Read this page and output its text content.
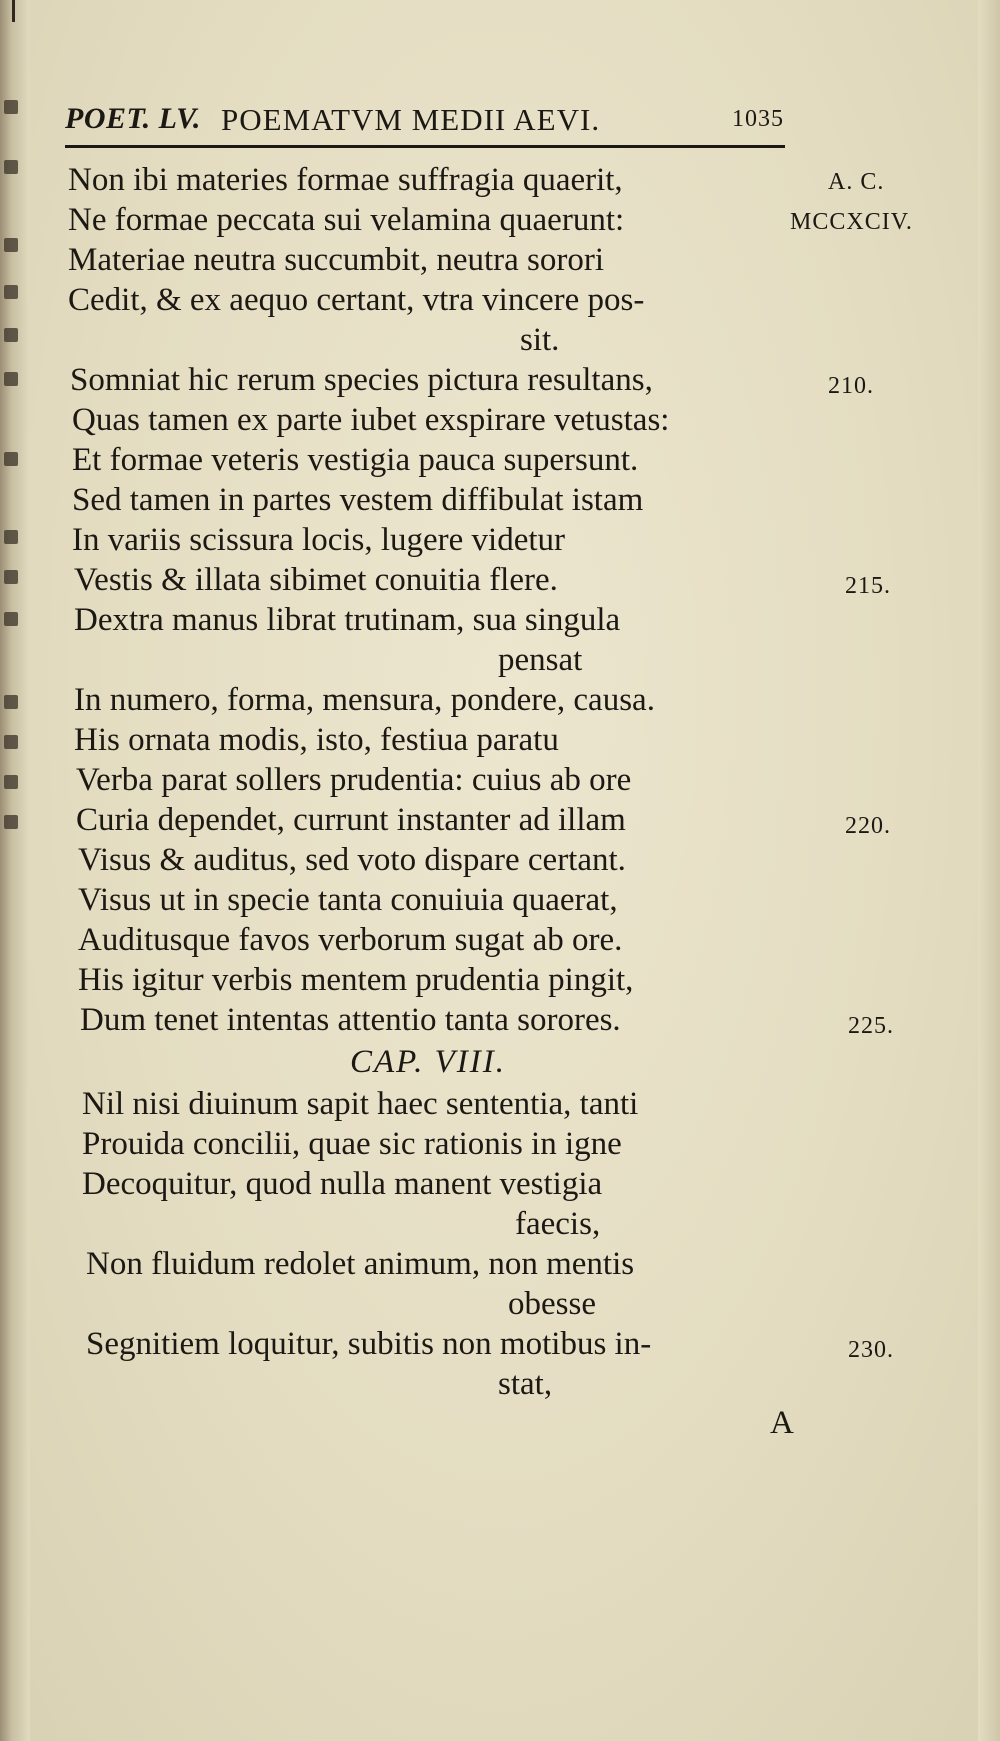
POET. LV. POEMATVM MEDII AEVI.	1035
Non ibi materies formae suffragia quaerit,	A. C.
Ne formae peccata sui velamina quaerunt:	MCCXCIV.
Materiae neutra succumbit, neutra sorori
Cedit, & ex aequo certant, vtra vincere pos-
sit.
Somniat hic rerum species pictura resultans,	210.
Quas tamen ex parte iubet exspirare vetustas:
Et formae veteris vestigia pauca supersunt.
Sed tamen in partes vestem diffibulat istam
In variis scissura locis, lugere videtur
Vestis & illata sibimet conuitia flere.	215.
Dextra manus librat trutinam, sua singula
pensat
In numero, forma, mensura, pondere, causa.
His ornata modis, isto, festiua paratu
Verba parat sollers prudentia: cuius ab ore
Curia dependet, currunt instanter ad illam	220.
Visus & auditus, sed voto dispare certant.
Visus ut in specie tanta conuiuia quaerat,
Auditusque favos verborum sugat ab ore.
His igitur verbis mentem prudentia pingit,
Dum tenet intentas attentio tanta sorores.	225.
CAP. VIII.
Nil nisi diuinum sapit haec sententia, tanti
Prouida concilii, quae sic rationis in igne
Decoquitur, quod nulla manent vestigia
faecis,
Non fluidum redolet animum, non mentis
obesse
Segnitiem loquitur, subitis non motibus in-	230.
stat,
A
